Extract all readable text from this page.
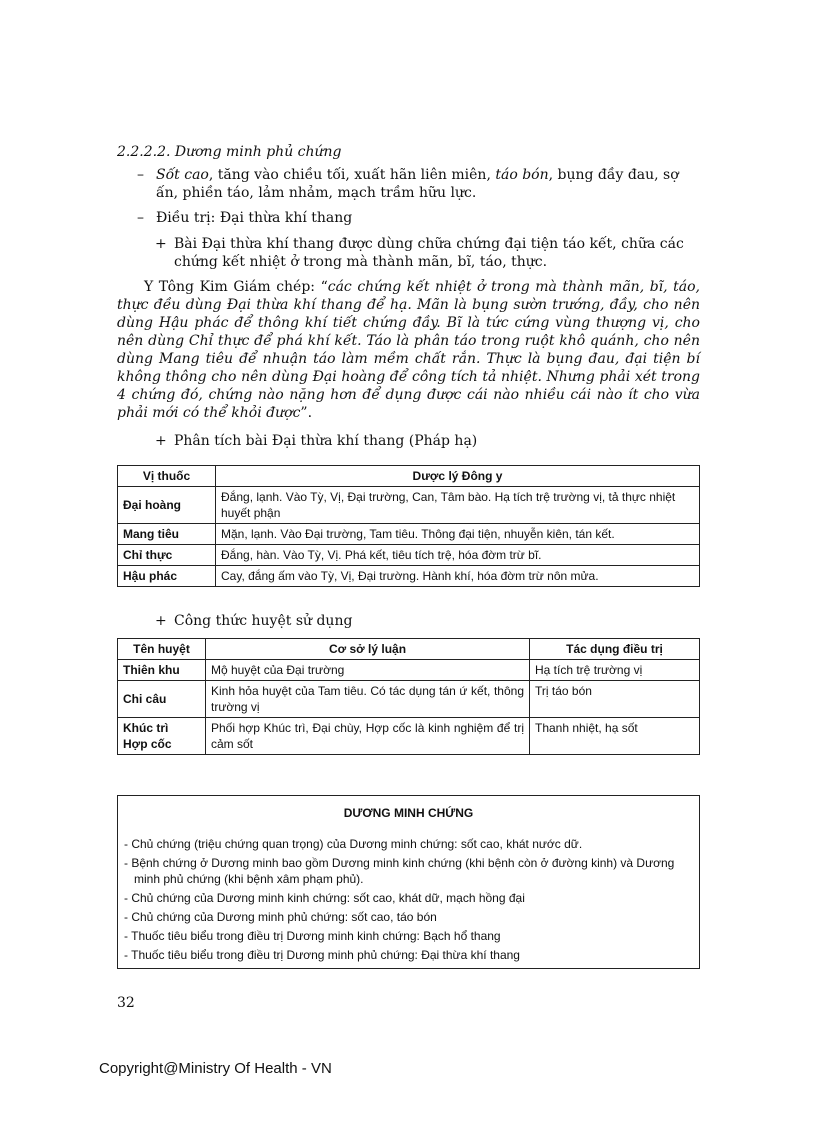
2.2.2.2. Dương minh phủ chứng
– Sốt cao, tăng vào chiều tối, xuất hãn liên miên, táo bón, bụng đầy đau, sợ ấn, phiền táo, lảm nhảm, mạch trầm hữu lực.
– Điều trị: Đại thừa khí thang
+ Bài Đại thừa khí thang được dùng chữa chứng đại tiện táo kết, chữa các chứng kết nhiệt ở trong mà thành mãn, bĩ, táo, thực.
Y Tông Kim Giám chép: “các chứng kết nhiệt ở trong mà thành mãn, bĩ, táo, thực đều dùng Đại thừa khí thang để hạ. Mãn là bụng sườn trướng, đầy, cho nên dùng Hậu phác để thông khí tiết chứng đầy. Bĩ là tức cứng vùng thượng vị, cho nên dùng Chỉ thực để phá khí kết. Táo là phân táo trong ruột khô quánh, cho nên dùng Mang tiêu để nhuận táo làm mềm chất rắn. Thực là bụng đau, đại tiện bí không thông cho nên dùng Đại hoàng để công tích tả nhiệt. Nhưng phải xét trong 4 chứng đó, chứng nào nặng hơn để dụng được cái nào nhiều cái nào ít cho vừa phải mới có thể khỏi được”.
+ Phân tích bài Đại thừa khí thang (Pháp hạ)
Vị thuốc	Dược lý Đông y
Đại hoàng	Đắng, lạnh. Vào Tỳ, Vị, Đại trường, Can, Tâm bào. Hạ tích trệ trường vị, tả thực nhiệt huyết phận
Mang tiêu	Mặn, lạnh. Vào Đại trường, Tam tiêu. Thông đại tiện, nhuyễn kiên, tán kết.
Chỉ thực	Đắng, hàn. Vào Tỳ, Vị. Phá kết, tiêu tích trệ, hóa đờm trừ bĩ.
Hậu phác	Cay, đắng ấm vào Tỳ, Vị, Đại trường. Hành khí, hóa đờm trừ nôn mửa.
+ Công thức huyệt sử dụng
Tên huyệt	Cơ sở lý luận	Tác dụng điều trị
Thiên khu	Mộ huyệt của Đại trường	Hạ tích trệ trường vị
Chi câu	Kinh hỏa huyệt của Tam tiêu. Có tác dụng tán ứ kết, thông trường vị	Trị táo bón
Khúc trì
Hợp cốc	Phối hợp Khúc trì, Đại chùy, Hợp cốc là kinh nghiệm để trị cảm sốt	Thanh nhiệt, hạ sốt
DƯƠNG MINH CHỨNG
- Chủ chứng (triệu chứng quan trọng) của Dương minh chứng: sốt cao, khát nước dữ.
- Bệnh chứng ở Dương minh bao gồm Dương minh kinh chứng (khi bệnh còn ở đường kinh) và Dương minh phủ chứng (khi bệnh xâm phạm phủ).
- Chủ chứng của Dương minh kinh chứng: sốt cao, khát dữ, mạch hồng đại
- Chủ chứng của Dương minh phủ chứng: sốt cao, táo bón
- Thuốc tiêu biểu trong điều trị Dương minh kinh chứng: Bạch hổ thang
- Thuốc tiêu biểu trong điều trị Dương minh phủ chứng: Đại thừa khí thang
32
Copyright@Ministry Of Health - VN
